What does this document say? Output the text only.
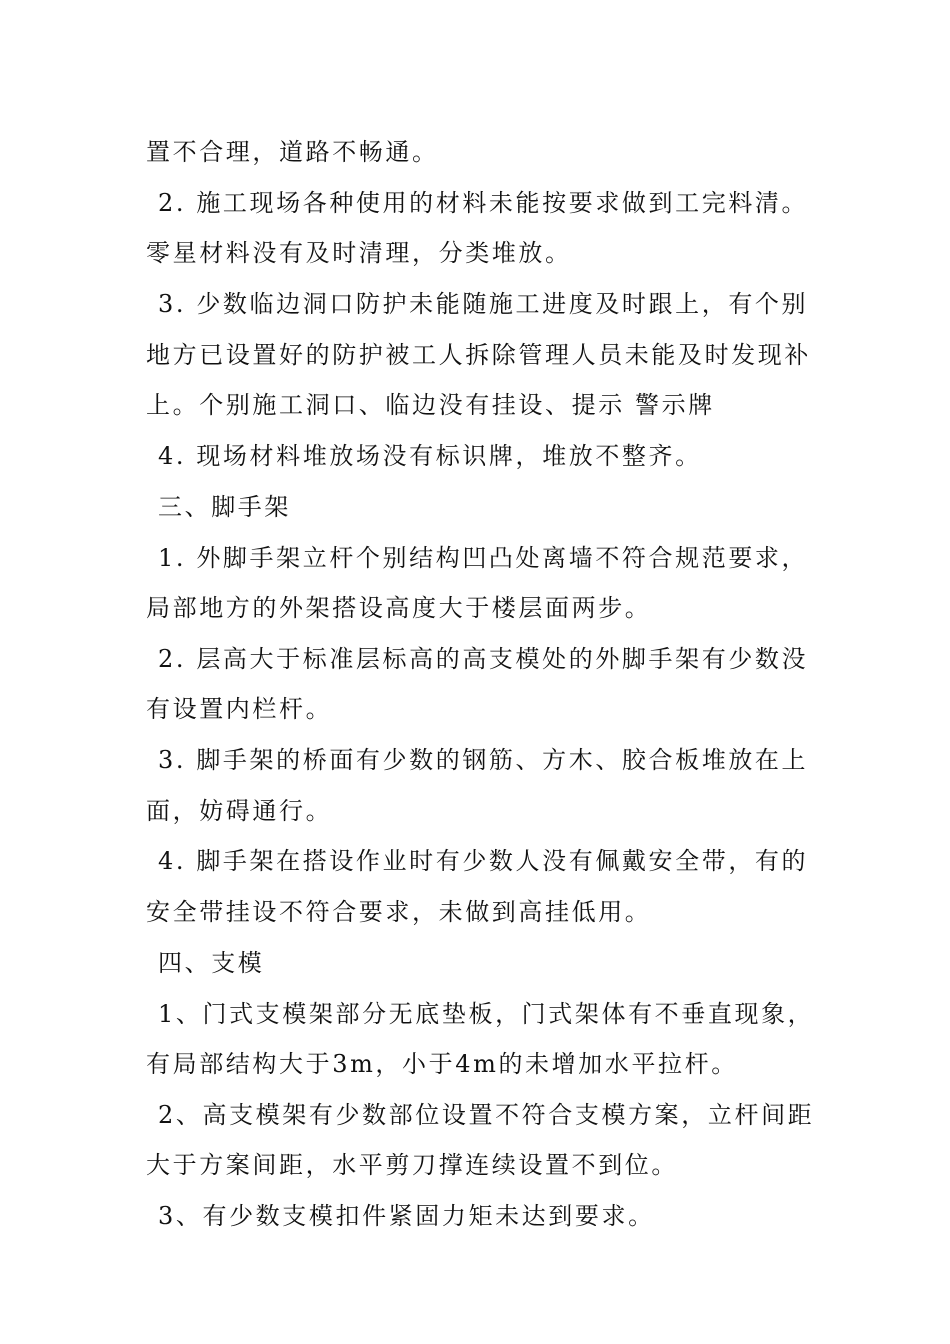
置不合理，道路不畅通。
2. 施工现场各种使用的材料未能按要求做到工完料清。
零星材料没有及时清理，分类堆放。
3. 少数临边洞口防护未能随施工进度及时跟上，有个别
地方已设置好的防护被工人拆除管理人员未能及时发现补
上。个别施工洞口、临边没有挂设、提示 警示牌
4. 现场材料堆放场没有标识牌，堆放不整齐。
三、脚手架
1. 外脚手架立杆个别结构凹凸处离墙不符合规范要求，
局部地方的外架搭设高度大于楼层面两步。
2. 层高大于标准层标高的高支模处的外脚手架有少数没
有设置内栏杆。
3. 脚手架的桥面有少数的钢筋、方木、胶合板堆放在上
面，妨碍通行。
4. 脚手架在搭设作业时有少数人没有佩戴安全带，有的
安全带挂设不符合要求，未做到高挂低用。
四、支模
1、门式支模架部分无底垫板，门式架体有不垂直现象，
有局部结构大于3m，小于4m的未增加水平拉杆。
2、高支模架有少数部位设置不符合支模方案，立杆间距
大于方案间距，水平剪刀撑连续设置不到位。
3、有少数支模扣件紧固力矩未达到要求。
